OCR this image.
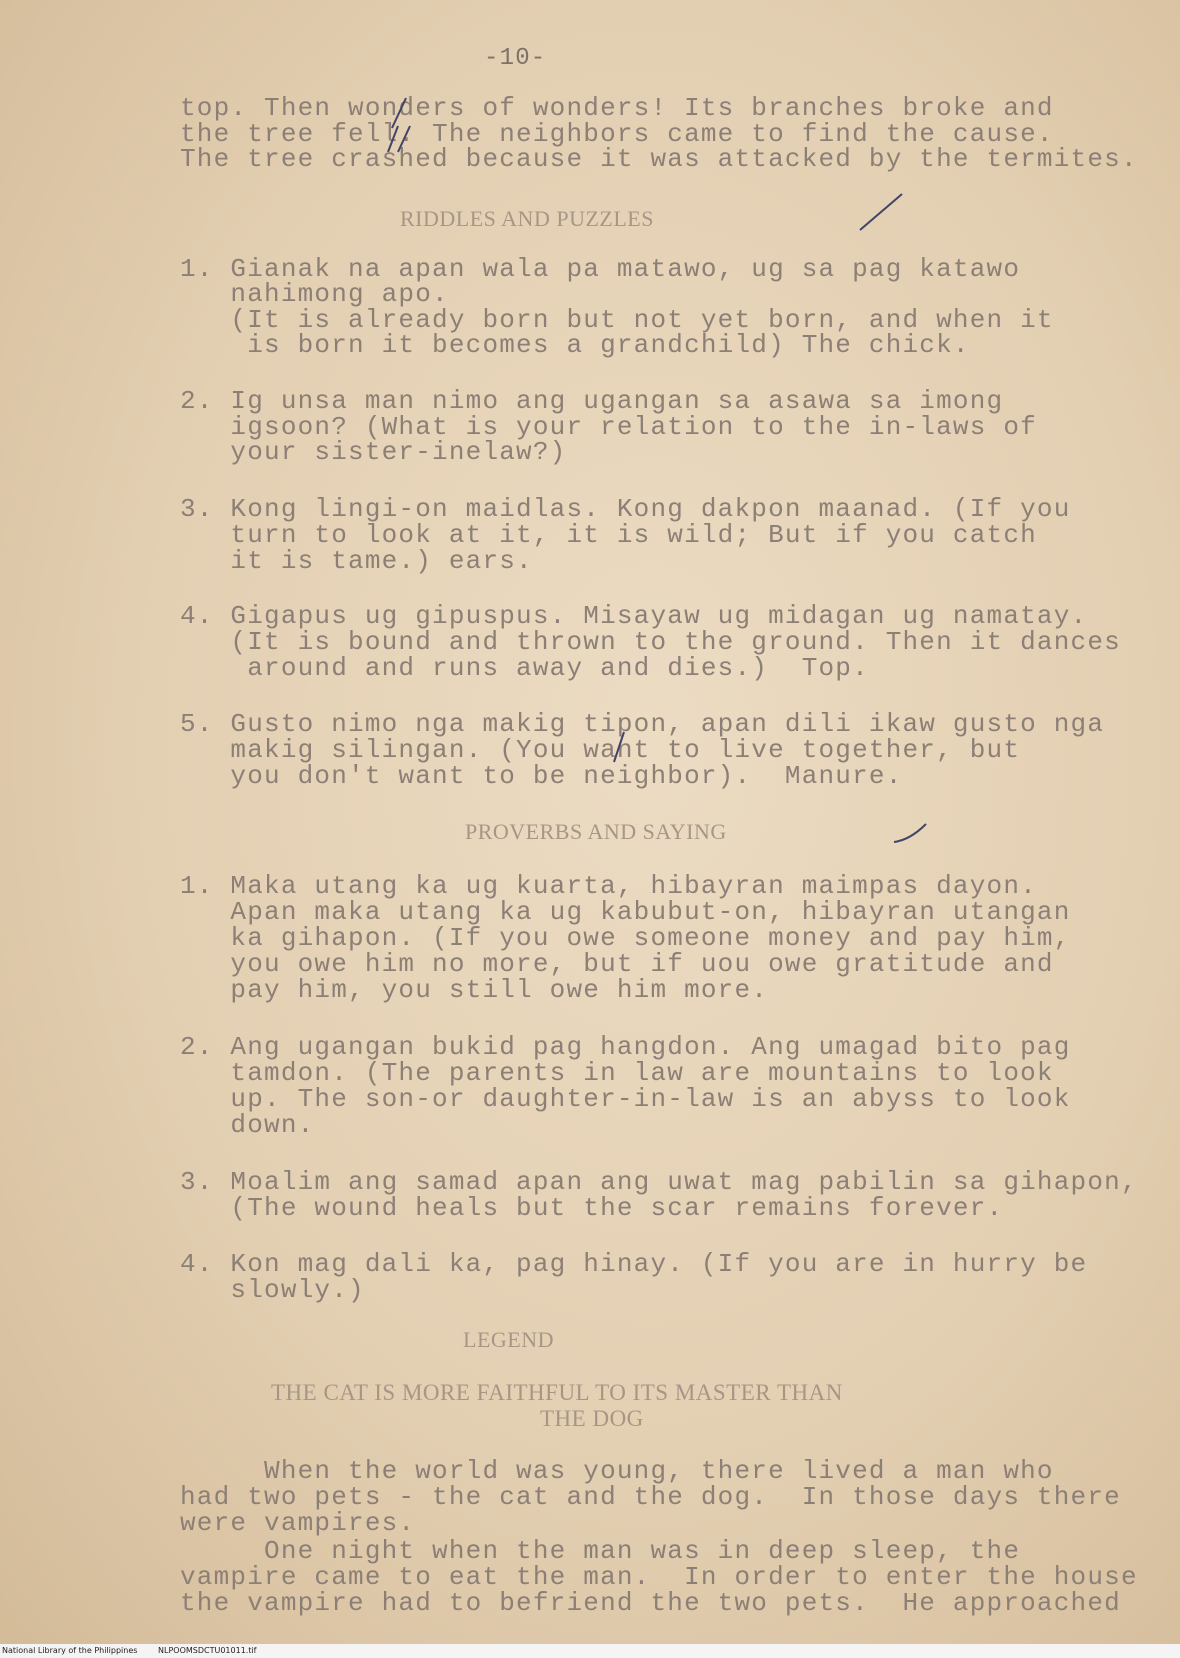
-10-
top. Then wonders of wonders! Its branches broke and
the tree fell. The neighbors came to find the cause.
The tree crashed because it was attacked by the termites.
RIDDLES AND PUZZLES
1. Gianak na apan wala pa matawo, ug sa pag katawo
nahimong apo.
(It is already born but not yet born, and when it
is born it becomes a grandchild) The chick.
2. Ig unsa man nimo ang ugangan sa asawa sa imong
igsoon? (What is your relation to the in-laws of
your sister-inelaw?)
3. Kong lingi-on maidlas. Kong dakpon maanad. (If you
turn to look at it, it is wild; But if you catch
it is tame.) ears.
4. Gigapus ug gipuspus. Misayaw ug midagan ug namatay.
(It is bound and thrown to the ground. Then it dances
around and runs away and dies.)  Top.
5. Gusto nimo nga makig tipon, apan dili ikaw gusto nga
makig silingan. (You want to live together, but
you don't want to be neighbor).  Manure.
PROVERBS AND SAYING
1. Maka utang ka ug kuarta, hibayran maimpas dayon.
Apan maka utang ka ug kabubut-on, hibayran utangan
ka gihapon. (If you owe someone money and pay him,
you owe him no more, but if uou owe gratitude and
pay him, you still owe him more.
2. Ang ugangan bukid pag hangdon. Ang umagad bito pag
tamdon. (The parents in law are mountains to look
up. The son-or daughter-in-law is an abyss to look
down.
3. Moalim ang samad apan ang uwat mag pabilin sa gihapon,
(The wound heals but the scar remains forever.
4. Kon mag dali ka, pag hinay. (If you are in hurry be
slowly.)
LEGEND
THE CAT IS MORE FAITHFUL TO ITS MASTER THAN
THE DOG
When the world was young, there lived a man who
had two pets - the cat and the dog.  In those days there
were vampires.
One night when the man was in deep sleep, the
vampire came to eat the man.  In order to enter the house
the vampire had to befriend the two pets.  He approached

National Library of the Philippines

	NLPOOMSDCTU01011.tif
